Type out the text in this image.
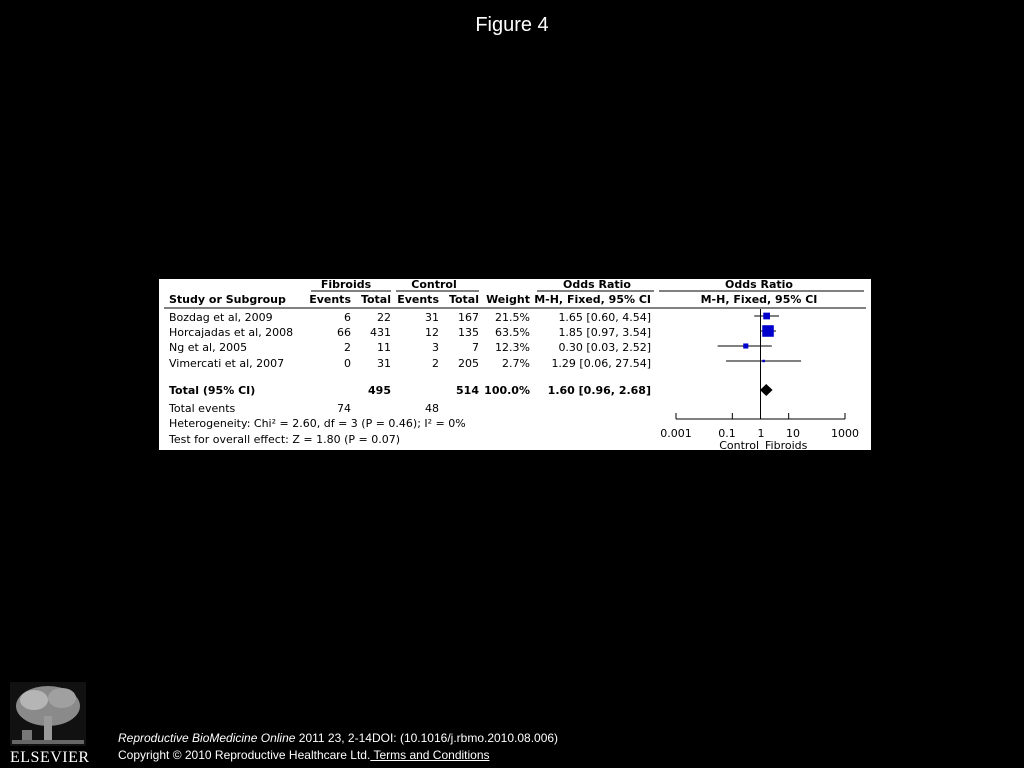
Figure 4
Fibroids	Control	Odds Ratio	Odds Ratio
Study or Subgroup Events Total Events Total Weight M-H, Fixed, 95% CI	M-H, Fixed, 95% CI
Bozdag et al, 2009	6 22	31 167 21.5%	1.65 [0.60, 4.54]
Horcajadas et al, 2008	66 431	12 135 63.5%	1.85 [0.97, 3.54]
Ng et al, 2005	2 11	3	7 12.3%	0.30 [0.03, 2.52]
Vimercati et al, 2007	0 31	2 205 2.7% 1.29 [0.06, 27.54]
Total (95% CI)	495	514 100.0% 1.60 [0.96, 2.68]
Total events	74	48
Heterogeneity: Chi² = 2.60, df = 3 (P = 0.46); I² = 0%
Test for overall effect: Z = 1.80 (P = 0.07)	0.001 0.1 1 10	1000
Control Fibroids
ELSEVIER
Reproductive BioMedicine Online 2011 23, 2-14DOI: (10.1016/j.rbmo.2010.08.006)
Copyright © 2010 Reproductive Healthcare Ltd. Terms and Conditions
